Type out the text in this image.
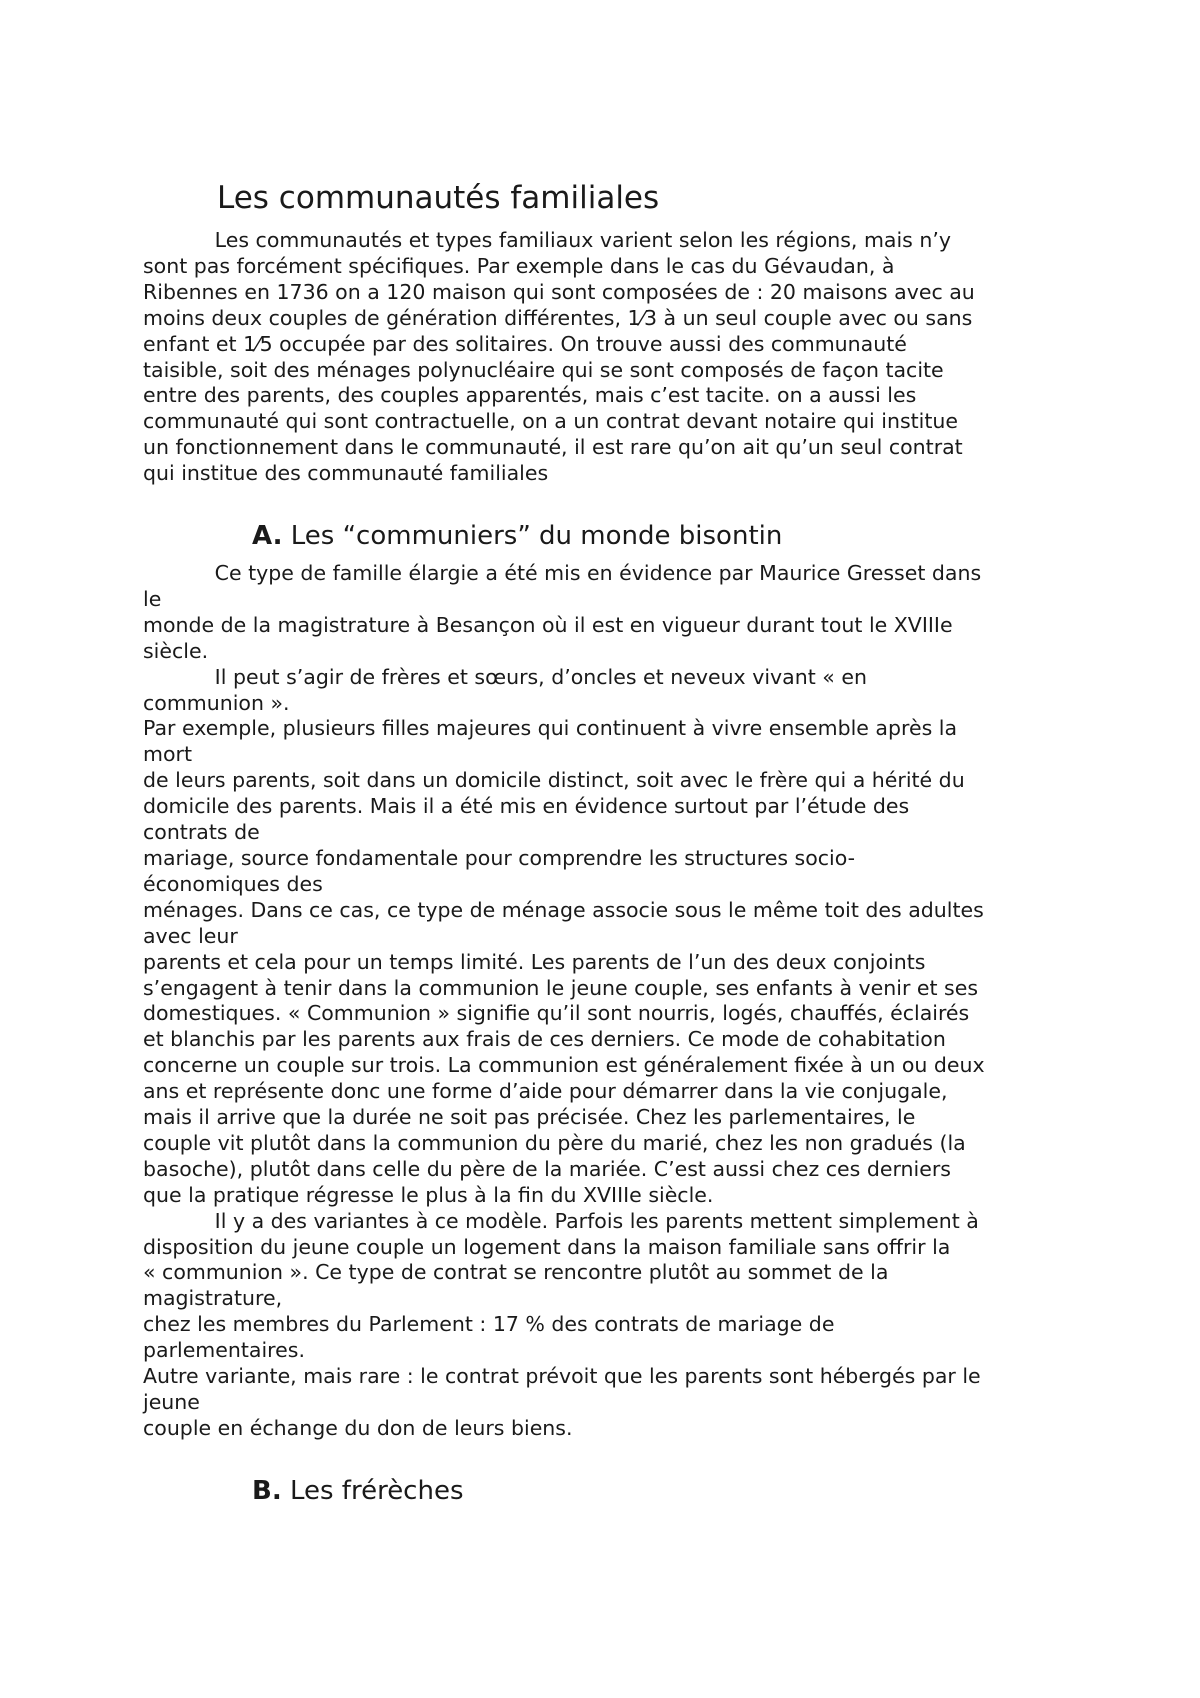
Les communautés familiales

Les communautés et types familiaux varient selon les régions, mais n’y
sont pas forcément spécifiques. Par exemple dans le cas du Gévaudan, à
Ribennes en 1736 on a 120 maison qui sont composées de : 20 maisons avec au
moins deux couples de génération différentes, 1⁄3 à un seul couple avec ou sans
enfant et 1⁄5 occupée par des solitaires. On trouve aussi des communauté
taisible, soit des ménages polynucléaire qui se sont composés de façon tacite
entre des parents, des couples apparentés, mais c’est tacite. on a aussi les
communauté qui sont contractuelle, on a un contrat devant notaire qui institue
un fonctionnement dans le communauté, il est rare qu’on ait qu’un seul contrat
qui institue des communauté familiales

A. Les “communiers” du monde bisontin

Ce type de famille élargie a été mis en évidence par Maurice Gresset dans
le
monde de la magistrature à Besançon où il est en vigueur durant tout le XVIIIe
siècle.
Il peut s’agir de frères et sœurs, d’oncles et neveux vivant « en
communion ».
Par exemple, plusieurs filles majeures qui continuent à vivre ensemble après la
mort
de leurs parents, soit dans un domicile distinct, soit avec le frère qui a hérité du
domicile des parents. Mais il a été mis en évidence surtout par l’étude des
contrats de
mariage, source fondamentale pour comprendre les structures socio-
économiques des
ménages. Dans ce cas, ce type de ménage associe sous le même toit des adultes
avec leur
parents et cela pour un temps limité. Les parents de l’un des deux conjoints
s’engagent à tenir dans la communion le jeune couple, ses enfants à venir et ses
domestiques. « Communion » signifie qu’il sont nourris, logés, chauffés, éclairés
et blanchis par les parents aux frais de ces derniers. Ce mode de cohabitation
concerne un couple sur trois. La communion est généralement fixée à un ou deux
ans et représente donc une forme d’aide pour démarrer dans la vie conjugale,
mais il arrive que la durée ne soit pas précisée. Chez les parlementaires, le
couple vit plutôt dans la communion du père du marié, chez les non gradués (la
basoche), plutôt dans celle du père de la mariée. C’est aussi chez ces derniers
que la pratique régresse le plus à la fin du XVIIIe siècle.
Il y a des variantes à ce modèle. Parfois les parents mettent simplement à
disposition du jeune couple un logement dans la maison familiale sans offrir la
« communion ». Ce type de contrat se rencontre plutôt au sommet de la
magistrature,
chez les membres du Parlement : 17 % des contrats de mariage de
parlementaires.
Autre variante, mais rare : le contrat prévoit que les parents sont hébergés par le
jeune
couple en échange du don de leurs biens.

B. Les frérèches
